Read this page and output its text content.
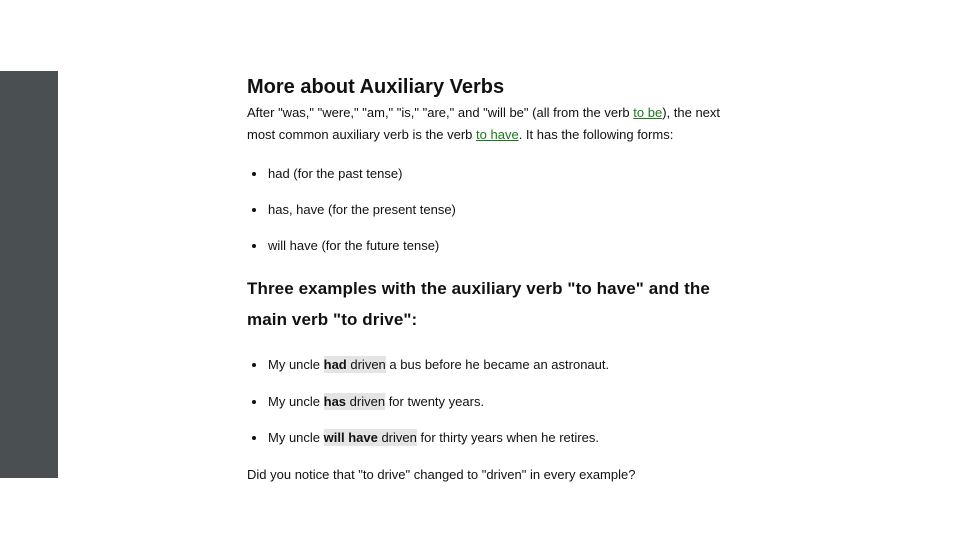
More about Auxiliary Verbs

After "was," "were," "am," "is," "are," and "will be" (all from the verb to be), the next most common auxiliary verb is the verb to have. It has the following forms:

• had (for the past tense)
• has, have (for the present tense)
• will have (for the future tense)
Three examples with the auxiliary verb "to have" and the main verb "to drive":
• My uncle had driven a bus before he became an astronaut.
• My uncle has driven for twenty years.
• My uncle will have driven for thirty years when he retires.

Did you notice that "to drive" changed to "driven" in every example?
